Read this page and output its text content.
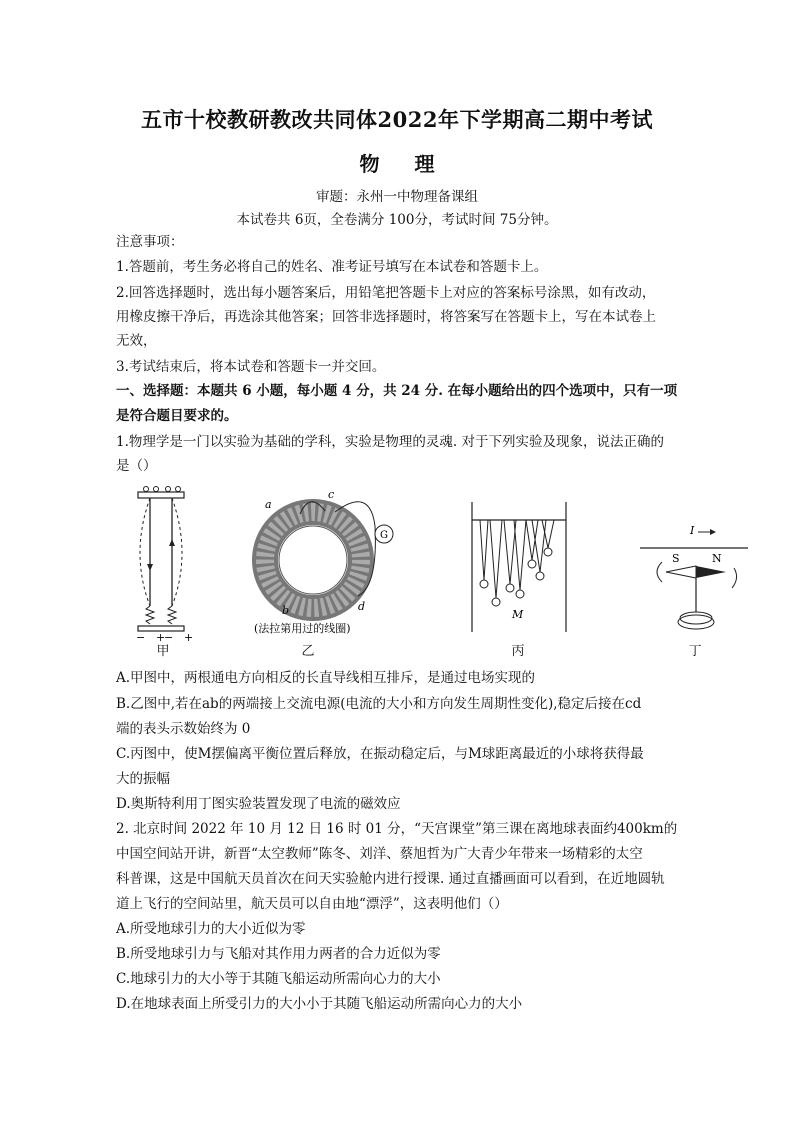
五市十校教研教改共同体2022年下学期高二期中考试
物 理
审题：永州一中物理备课组
本试卷共 6页，全卷满分 100分，考试时间 75分钟。
注意事项：
1.答题前，考生务必将自己的姓名、准考证号填写在本试卷和答题卡上。
2.回答选择题时，选出每小题答案后，用铅笔把答题卡上对应的答案标号涂黑，如有改动，
用橡皮擦干净后，再选涂其他答案；回答非选择题时，将答案写在答题卡上，写在本试卷上
无效，
3.考试结束后，将本试卷和答题卡一并交回。
一、选择题：本题共 6 小题，每小题 4 分，共 24 分. 在每小题给出的四个选项中，只有一项
是符合题目要求的。
1.物理学是一门以实验为基础的学科，实验是物理的灵魂. 对于下列实验及现象，说法正确的
是（）
− +
− +
甲
G
a
b
c
d
(法拉第用过的线圈)
乙
M
丙
I
S	N
丁
A.甲图中，两根通电方向相反的长直导线相互排斥，是通过电场实现的
B.乙图中,若在ab的两端接上交流电源(电流的大小和方向发生周期性变化),稳定后接在cd
端的表头示数始终为 0
C.丙图中，使M摆偏离平衡位置后释放，在振动稳定后，与M球距离最近的小球将获得最
大的振幅
D.奥斯特利用丁图实验装置发现了电流的磁效应
2. 北京时间 2022 年 10 月 12 日 16 时 01 分，“天宫课堂”第三课在离地球表面约400km的
中国空间站开讲，新晋“太空教师”陈冬、刘洋、蔡旭哲为广大青少年带来一场精彩的太空
科普课，这是中国航天员首次在问天实验舱内进行授课. 通过直播画面可以看到，在近地圆轨
道上飞行的空间站里，航天员可以自由地“漂浮”，这表明他们（）
A.所受地球引力的大小近似为零
B.所受地球引力与飞船对其作用力两者的合力近似为零
C.地球引力的大小等于其随飞船运动所需向心力的大小
D.在地球表面上所受引力的大小小于其随飞船运动所需向心力的大小
